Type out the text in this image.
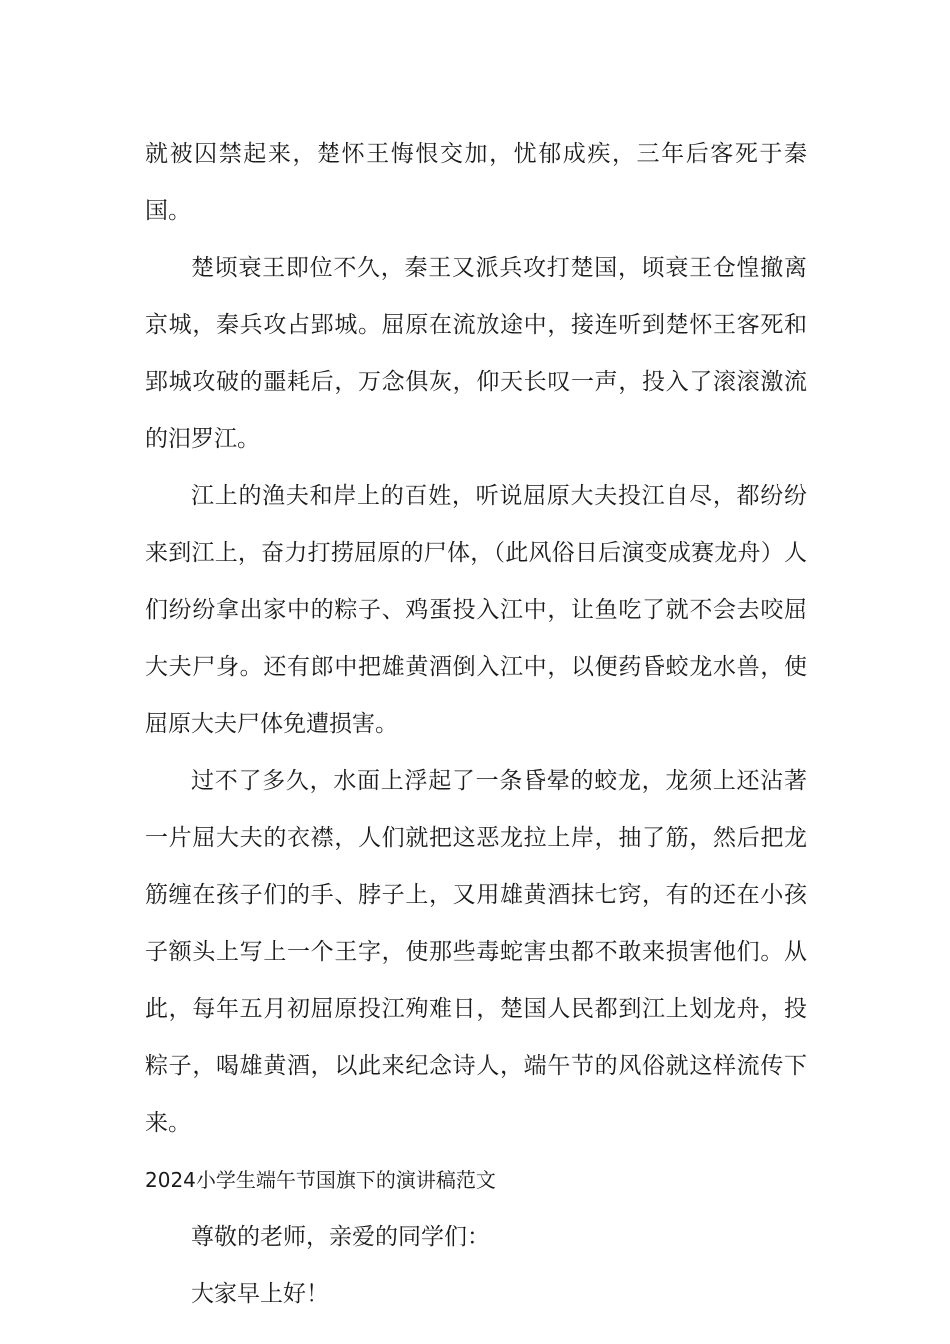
就被囚禁起来，楚怀王悔恨交加，忧郁成疾，三年后客死于秦国。

楚顷衰王即位不久，秦王又派兵攻打楚国，顷衰王仓惶撤离京城，秦兵攻占郢城。屈原在流放途中，接连听到楚怀王客死和郢城攻破的噩耗后，万念俱灰，仰天长叹一声，投入了滚滚激流的汨罗江。

江上的渔夫和岸上的百姓，听说屈原大夫投江自尽，都纷纷来到江上，奋力打捞屈原的尸体，（此风俗日后演变成赛龙舟）人们纷纷拿出家中的粽子、鸡蛋投入江中，让鱼吃了就不会去咬屈大夫尸身。还有郎中把雄黄酒倒入江中，以便药昏蛟龙水兽，使屈原大夫尸体免遭损害。

过不了多久，水面上浮起了一条昏晕的蛟龙，龙须上还沾著一片屈大夫的衣襟，人们就把这恶龙拉上岸，抽了筋，然后把龙筋缠在孩子们的手、脖子上，又用雄黄酒抹七窍，有的还在小孩子额头上写上一个王字，使那些毒蛇害虫都不敢来损害他们。从此，每年五月初屈原投江殉难日，楚国人民都到江上划龙舟，投粽子，喝雄黄酒，以此来纪念诗人，端午节的风俗就这样流传下来。

2024小学生端午节国旗下的演讲稿范文

尊敬的老师，亲爱的同学们：

大家早上好！
